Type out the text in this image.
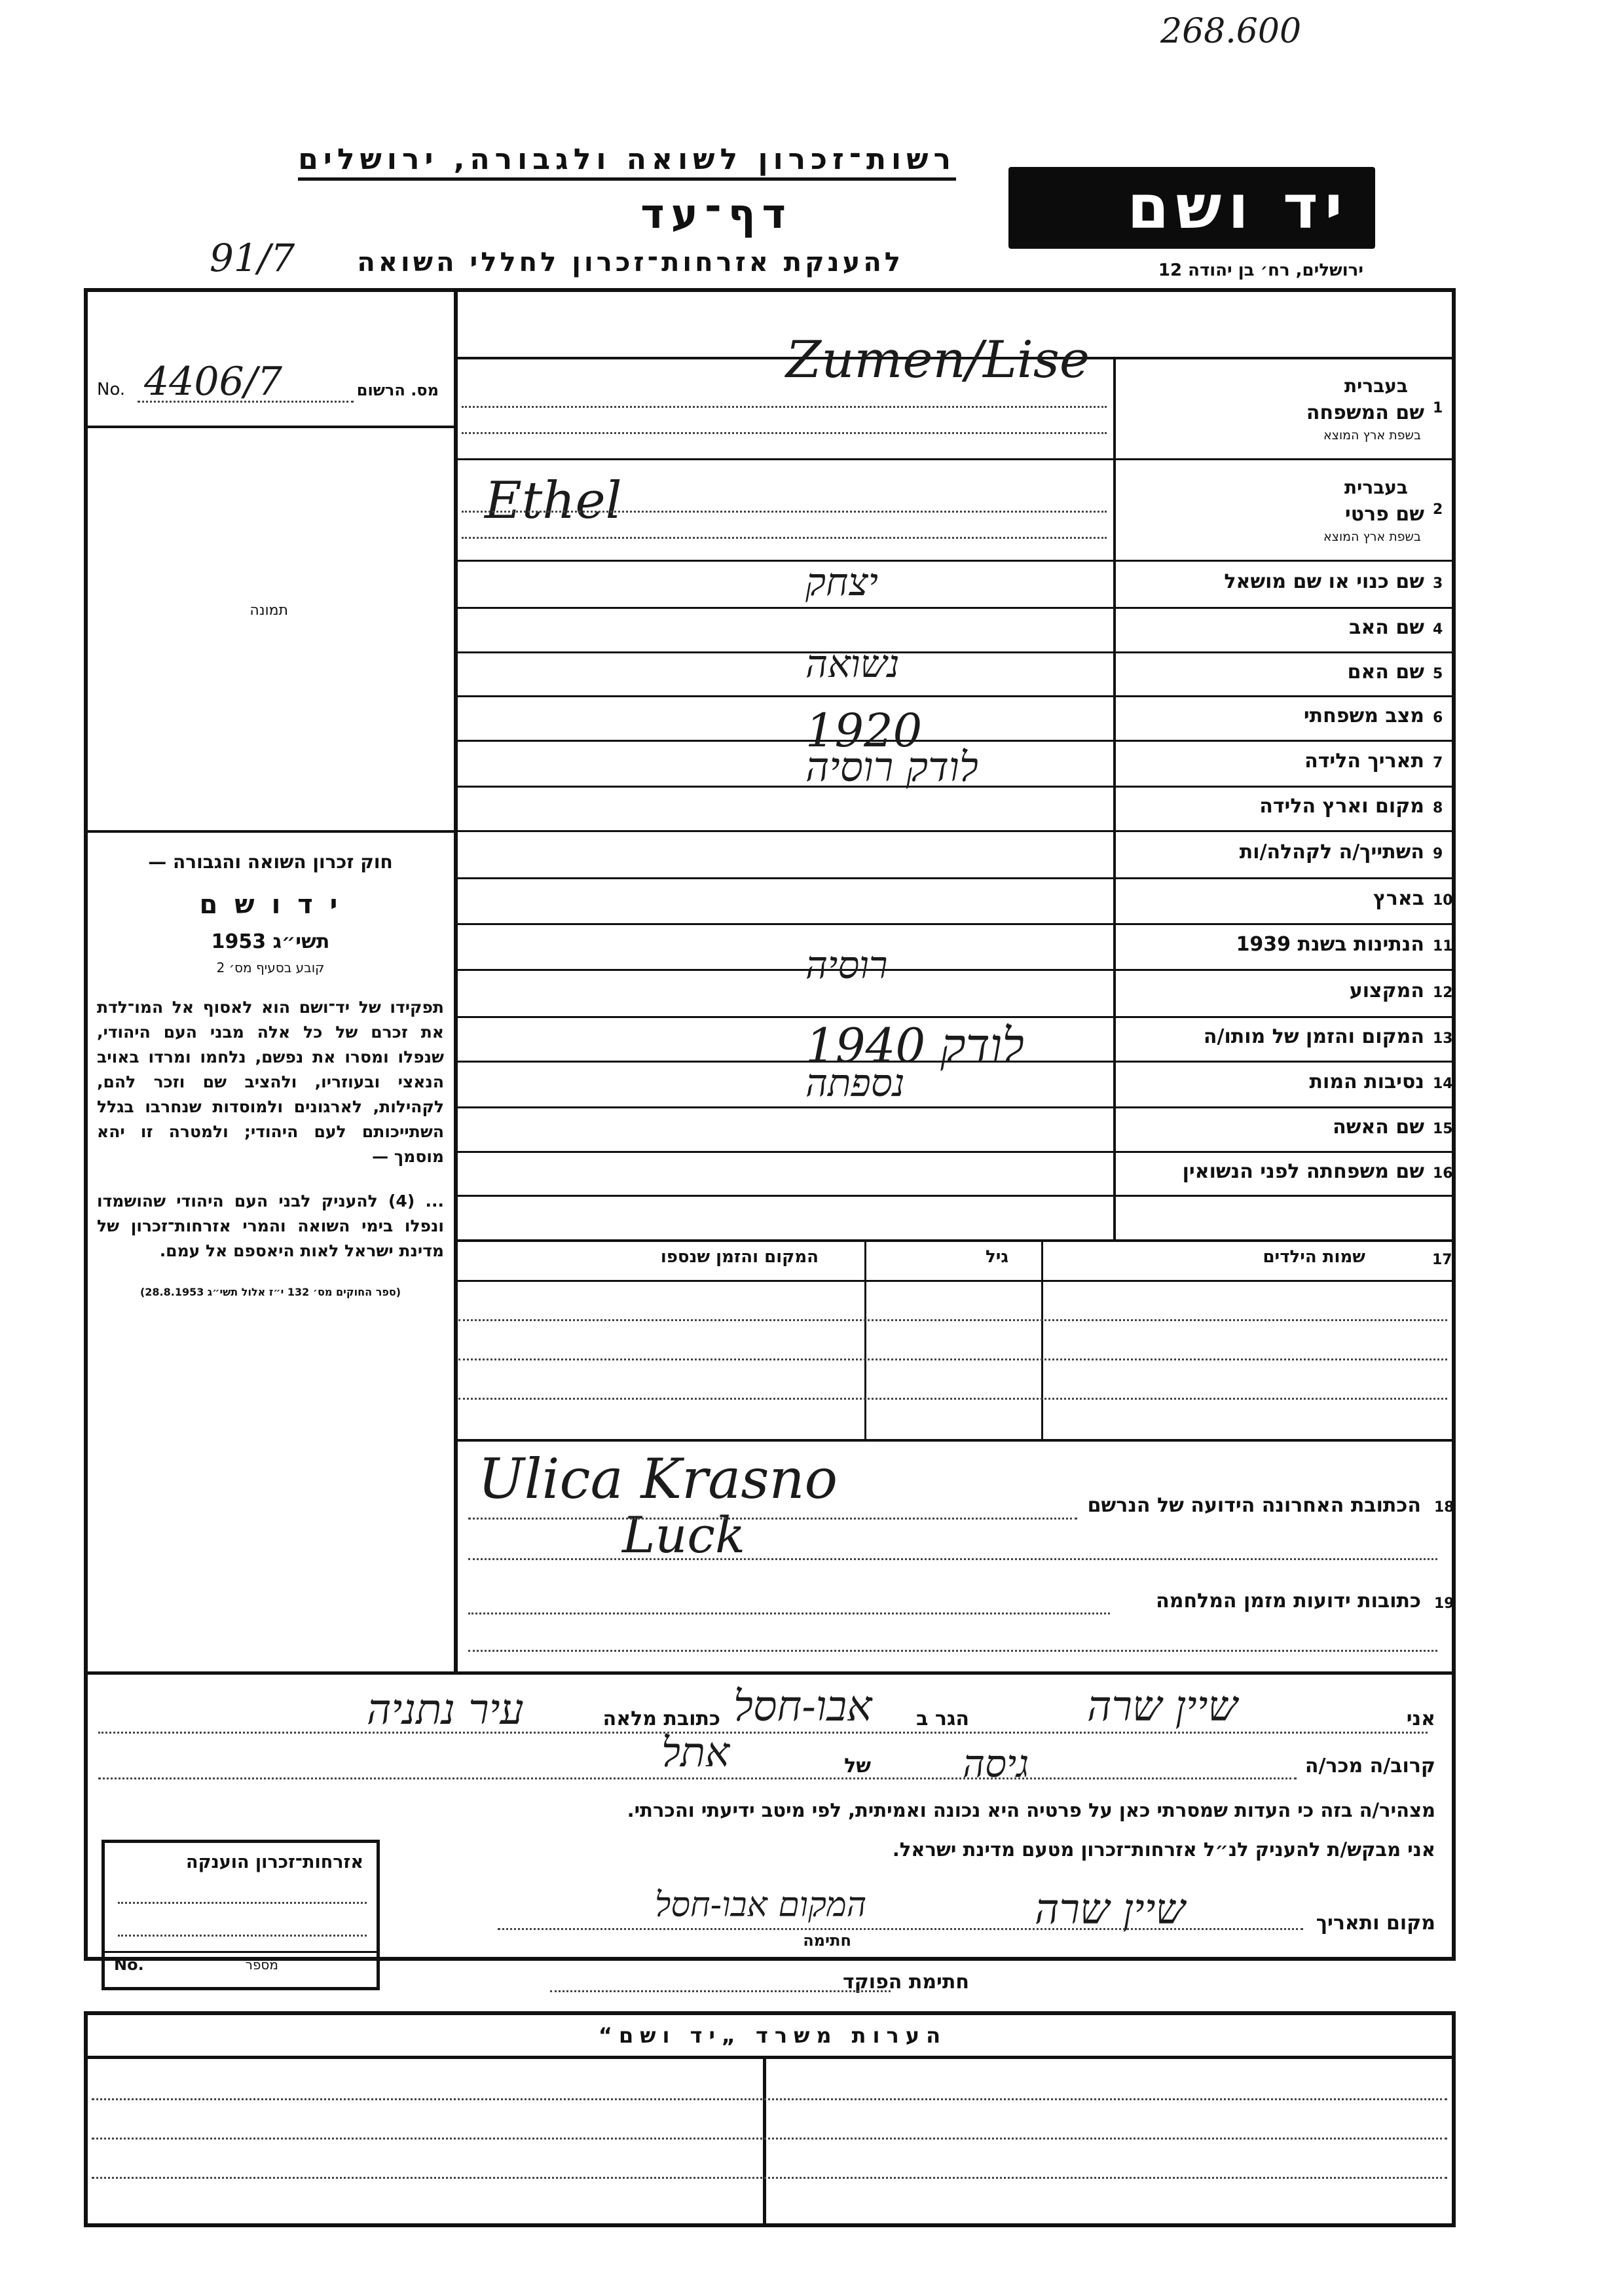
268.600
רשות־זכרון לשואה ולגבורה, ירושלים
דף־עד
להענקת אזרחות־זכרון לחללי השואה
91/7
יד ושם
ירושלים, רח׳ בן יהודה 12
No. 4406/7	מס. הרשום
תמונה
1
שם המשפחה
בעברית
בשפת ארץ המוצא
Zumen/Lise
2
שם פרטי
בעברית
בשפת ארץ המוצא
Ethel
3
שם כנוי או שם מושאל
4
שם האב
יצחק
5
שם האם
6
מצב משפחתי
נשואה
7
תאריך הלידה
1920
8
מקום וארץ הלידה
לודק רוסיה
9
השתייך/ה לקהלה/ות
10
בארץ
11
הנתינות בשנת 1939
רוסיה
12
המקצוע
13
המקום והזמן של מותו/ה
לודק 1940
14
נסיבות המות
נספתה
15
שם האשה
16
שם משפחתה לפני הנשואין
17
שמות הילדים
גיל
המקום והזמן שנספו
18
הכתובת האחרונה הידועה של הנרשם
Ulica Krasno
Luck
19
כתובות ידועות מזמן המלחמה
חוק זכרון השואה והגבורה —
י ד ו ש ם
תשי״ג 1953
קובע בסעיף מס׳ 2
תפקידו של יד־ושם הוא לאסוף אל המו־לדת את זכרם של כל אלה מבני העם היהודי, שנפלו ומסרו את נפשם, נלחמו ומרדו באויב הנאצי ובעוזריו, ולהציב שם וזכר להם, לקהילות, לארגונים ולמוסדות שנחרבו בגלל השתייכותם לעם היהודי; ולמטרה זו יהא מוסמך —
... (4) להעניק לבני העם היהודי שהושמדו ונפלו בימי השואה והמרי אזרחות־זכרון של מדינת ישראל לאות היאספם אל עמם.
(ספר החוקים מס׳ 132 י״ז אלול תשי״ג 28.8.1953)
אני
שיין שרה
הגר ב
אבו-חסל
כתובת מלאה
עיר נתניה
קרוב/ה מכר/ה
גיסה
של
אתל
מצהיר/ה בזה כי העדות שמסרתי כאן על פרטיה היא נכונה ואמיתית, לפי מיטב ידיעתי והכרתי.
אני מבקש/ת להעניק לנ״ל אזרחות־זכרון מטעם מדינת ישראל.
מקום ותאריך
שיין שרה
המקום אבו-חסל
חתימה
חתימת הפוקד
אזרחות־זכרון הוענקה
No.	מספר
הערות משרד „יד ושם“
